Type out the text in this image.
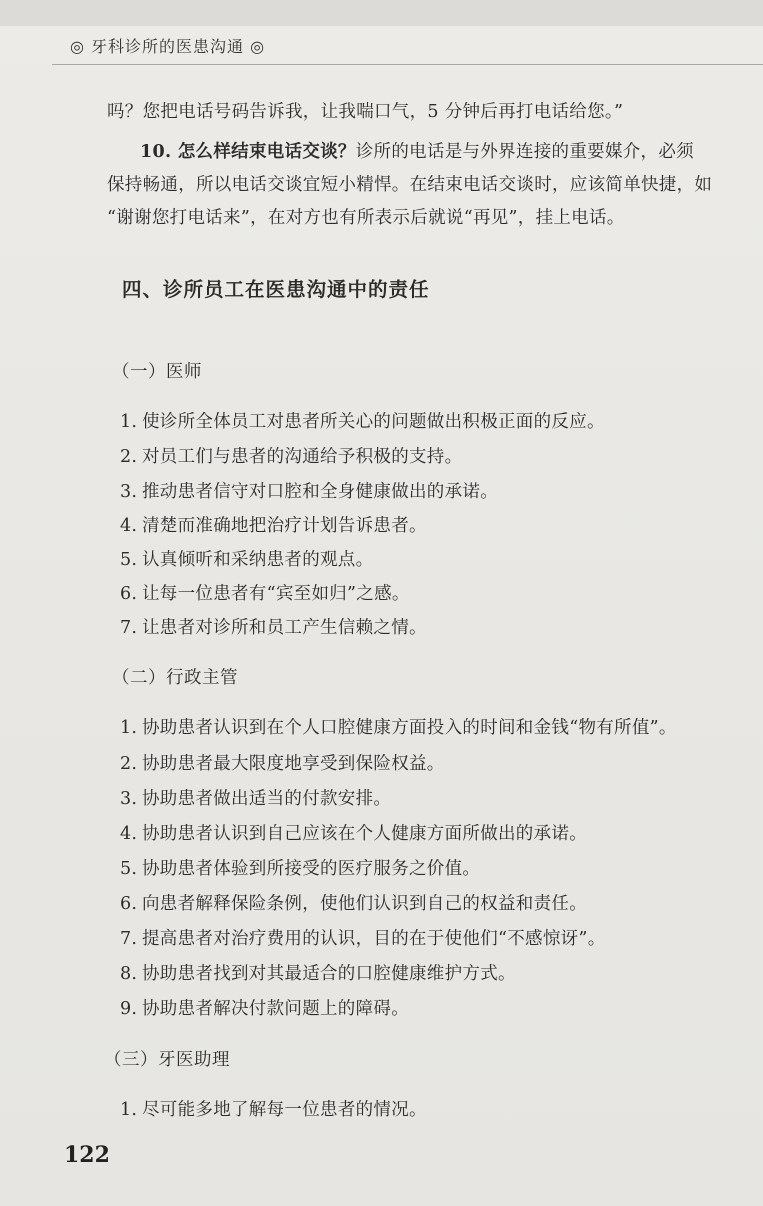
◎ 牙科诊所的医患沟通 ◎
吗？您把电话号码告诉我，让我喘口气，5 分钟后再打电话给您。”
10. 怎么样结束电话交谈？诊所的电话是与外界连接的重要媒介，必须
保持畅通，所以电话交谈宜短小精悍。在结束电话交谈时，应该简单快捷，如
“谢谢您打电话来”，在对方也有所表示后就说“再见”，挂上电话。
四、诊所员工在医患沟通中的责任
（一）医师
1. 使诊所全体员工对患者所关心的问题做出积极正面的反应。
2. 对员工们与患者的沟通给予积极的支持。
3. 推动患者信守对口腔和全身健康做出的承诺。
4. 清楚而准确地把治疗计划告诉患者。
5. 认真倾听和采纳患者的观点。
6. 让每一位患者有“宾至如归”之感。
7. 让患者对诊所和员工产生信赖之情。
（二）行政主管
1. 协助患者认识到在个人口腔健康方面投入的时间和金钱“物有所值”。
2. 协助患者最大限度地享受到保险权益。
3. 协助患者做出适当的付款安排。
4. 协助患者认识到自己应该在个人健康方面所做出的承诺。
5. 协助患者体验到所接受的医疗服务之价值。
6. 向患者解释保险条例，使他们认识到自己的权益和责任。
7. 提高患者对治疗费用的认识，目的在于使他们“不感惊讶”。
8. 协助患者找到对其最适合的口腔健康维护方式。
9. 协助患者解决付款问题上的障碍。
（三）牙医助理
1. 尽可能多地了解每一位患者的情况。
122
